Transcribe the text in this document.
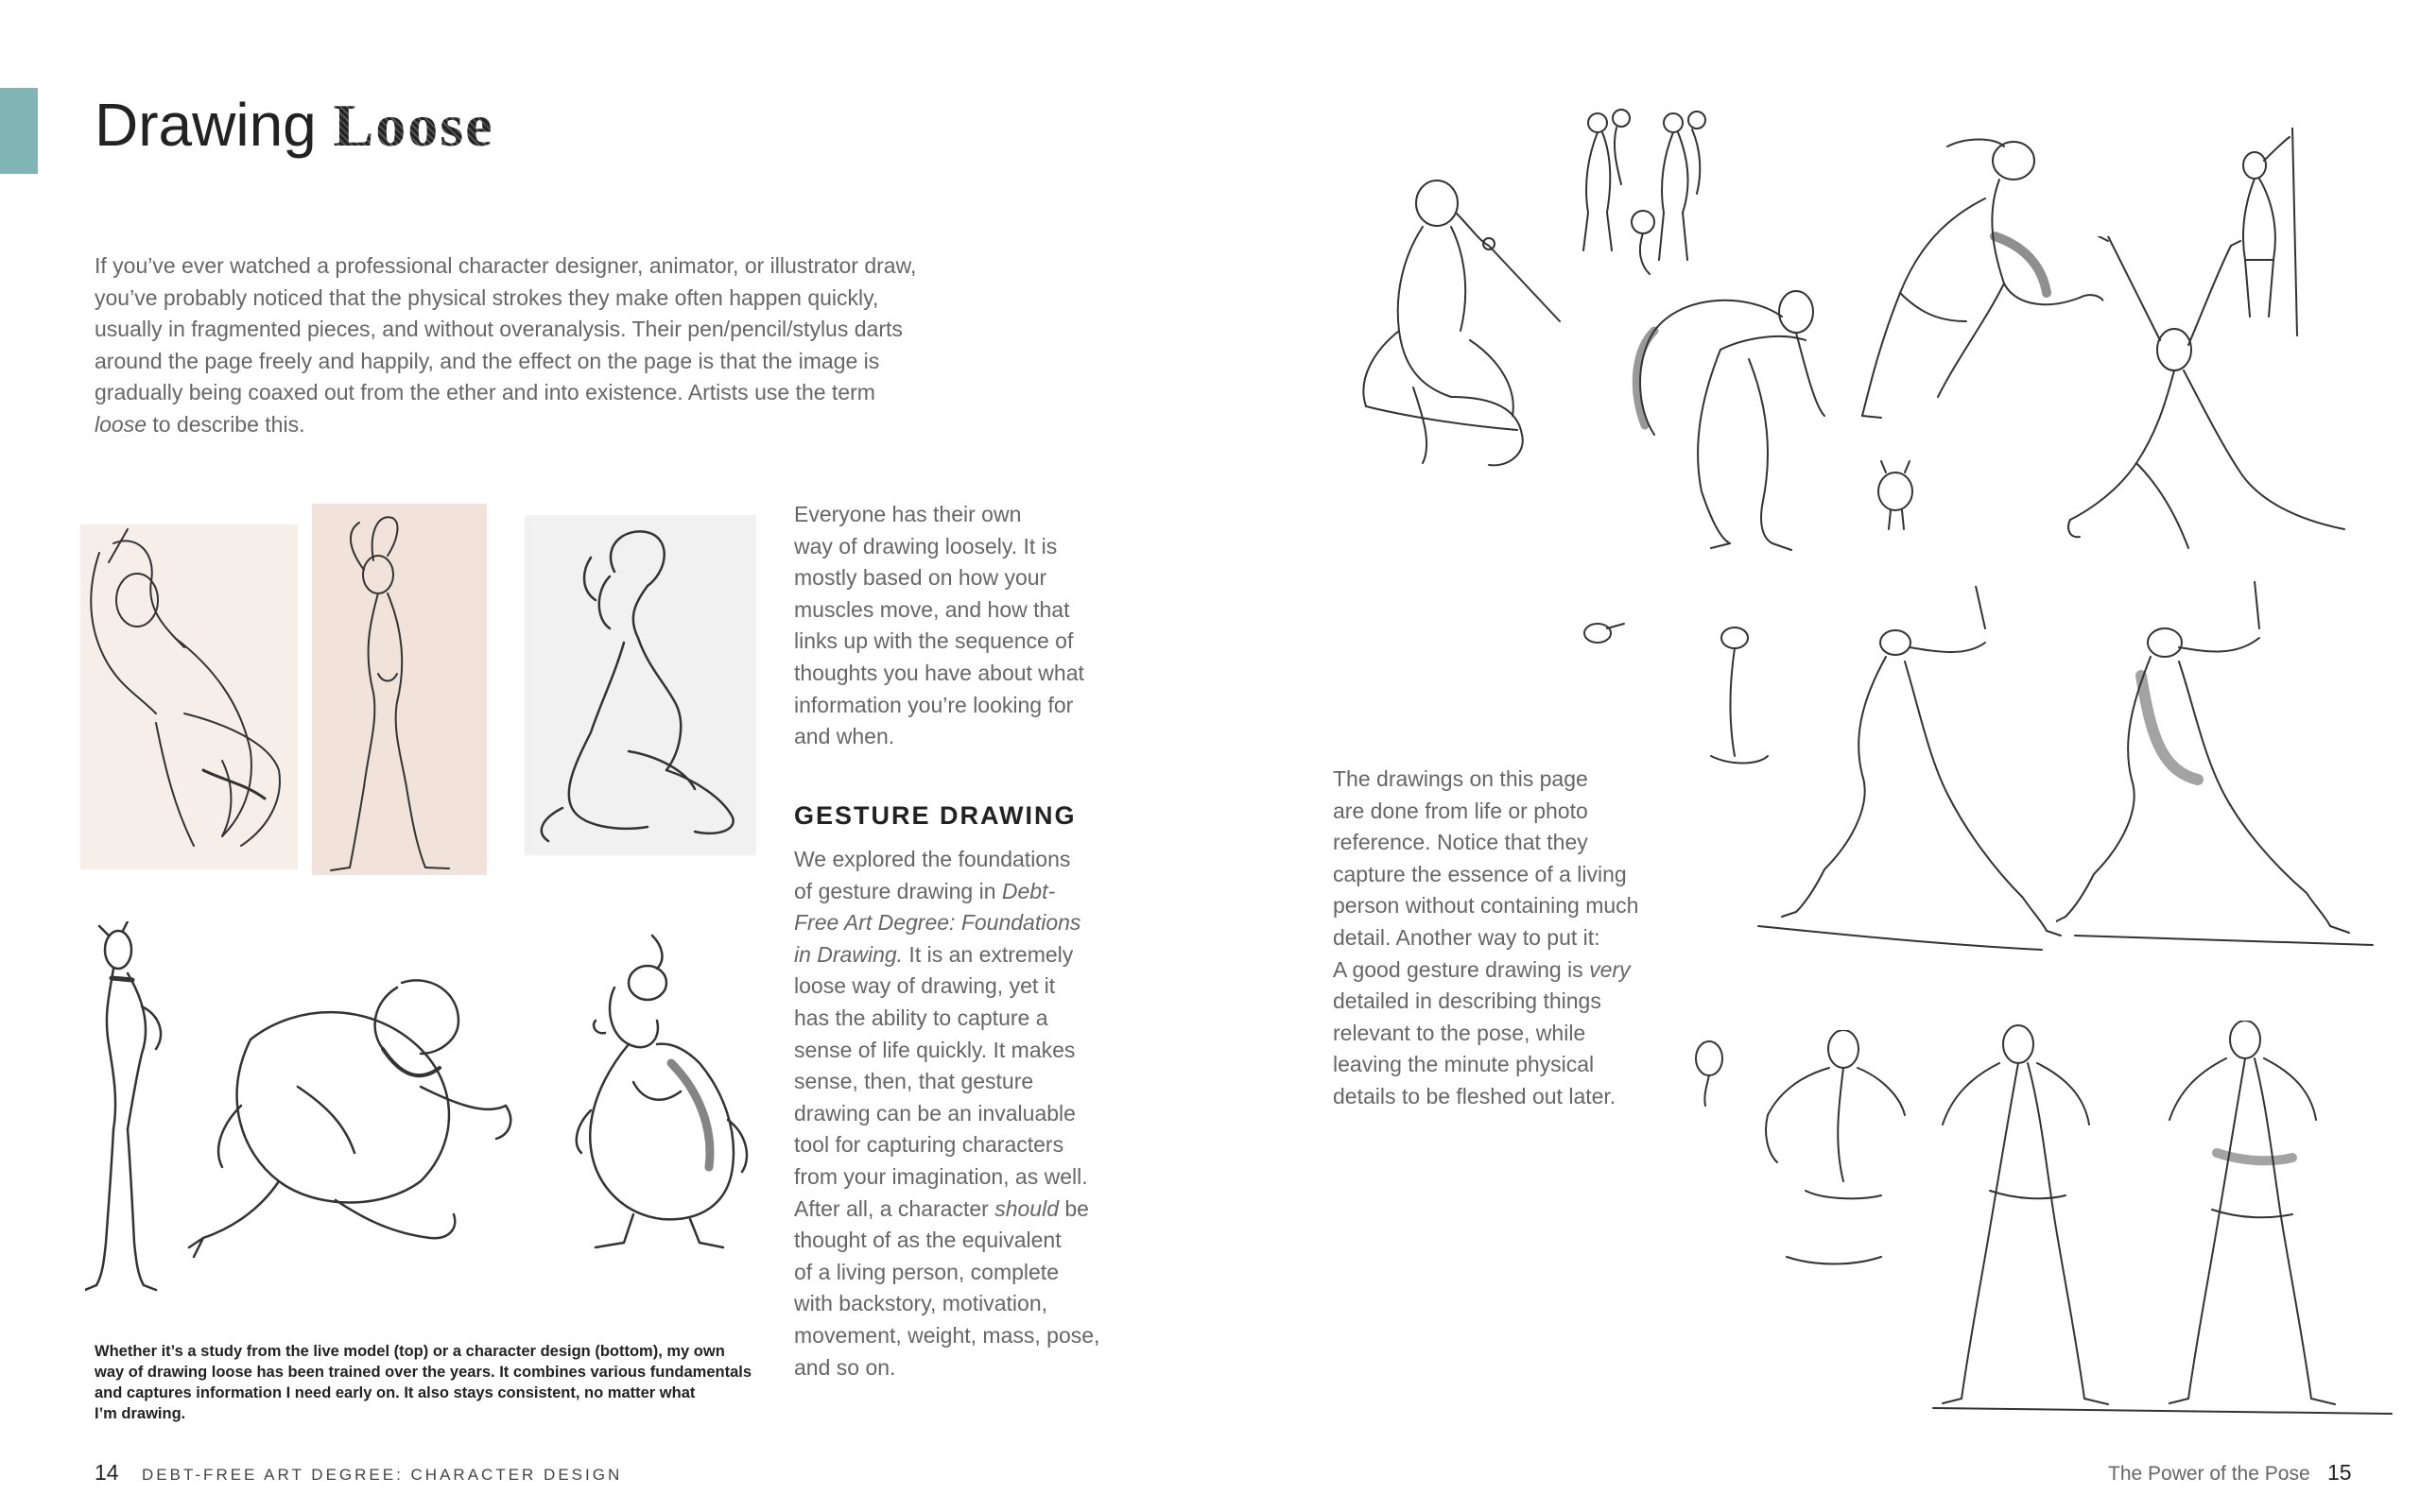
Drawing Loose
If you’ve ever watched a professional character designer, animator, or illustrator draw,
you’ve probably noticed that the physical strokes they make often happen quickly,
usually in fragmented pieces, and without overanalysis. Their pen/pencil/stylus darts
around the page freely and happily, and the effect on the page is that the image is
gradually being coaxed out from the ether and into existence. Artists use the term
loose to describe this.
Everyone has their own
way of drawing loosely. It is
mostly based on how your
muscles move, and how that
links up with the sequence of
thoughts you have about what
information you’re looking for
and when.
GESTURE DRAWING
We explored the foundations
of gesture drawing in Debt-
Free Art Degree: Foundations
in Drawing. It is an extremely
loose way of drawing, yet it
has the ability to capture a
sense of life quickly. It makes
sense, then, that gesture
drawing can be an invaluable
tool for capturing characters
from your imagination, as well.
After all, a character should be
thought of as the equivalent
of a living person, complete
with backstory, motivation,
movement, weight, mass, pose,
and so on.
The drawings on this page
are done from life or photo
reference. Notice that they
capture the essence of a living
person without containing much
detail. Another way to put it:
A good gesture drawing is very
detailed in describing things
relevant to the pose, while
leaving the minute physical
details to be fleshed out later.
Whether it’s a study from the live model (top) or a character design (bottom), my own
way of drawing loose has been trained over the years. It combines various fundamentals
and captures information I need early on. It also stays consistent, no matter what
I’m drawing.
14 DEBT-FREE ART DEGREE: CHARACTER DESIGN	The Power of the Pose 15
